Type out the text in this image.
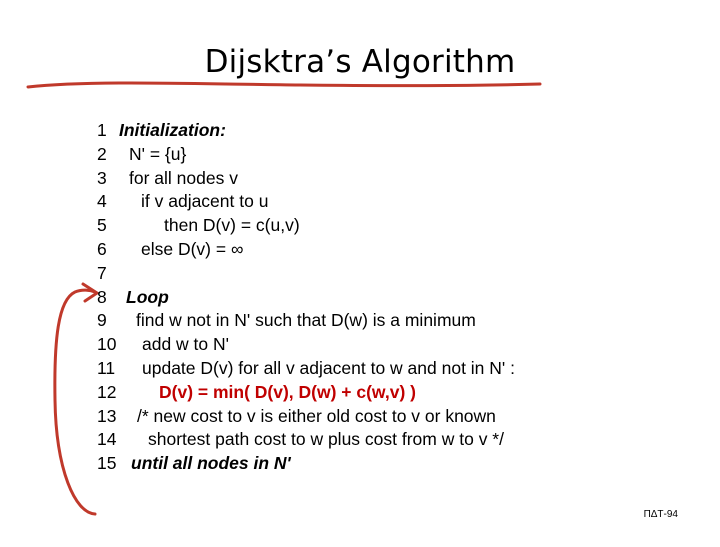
Dijsktra’s Algorithm

1

Initialization:

2

N' = {u}

3

for all nodes v

4

if v adjacent to u

5

	then D(v) = c(u,v)

6

else D(v) = ∞

7

8

Loop

9

find w not in N' such that D(w) is a minimum

10

add w to N'

11

update D(v) for all v adjacent to w and not in N' :

12

D(v) = min( D(v), D(w) + c(w,v) )

13

/* new cost to v is either old cost to v or known

14

shortest path cost to w plus cost from w to v */

15

until all nodes in N'

ПΔТ-94
